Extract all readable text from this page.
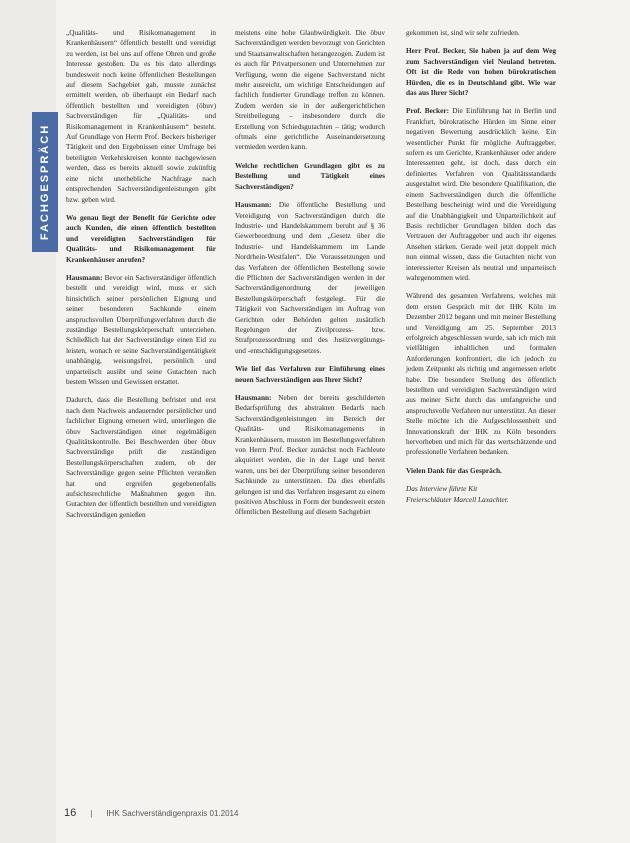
FACHGESPRÄCH

„Qualitäts- und Risikomanagement in Krankenhäusern“ öffentlich bestellt und vereidigt zu werden, ist bei uns auf offene Ohren und große Interesse gestoßen. Da es bis dato allerdings bundesweit noch keine öffentlichen Bestellungen auf diesem Sachgebiet gab, musste zunächst ermittelt werden, ob überhaupt ein Bedarf nach öffentlich bestellten und vereidigten (öbuv) Sachverständigen für „Qualitäts- und Risikomanagement in Krankenhäusern“ besteht. Auf Grundlage von Herrn Prof. Beckers bisheriger Tätigkeit und den Ergebnissen einer Umfrage bei beteiligten Verkehrskreisen konnte nachgewiesen werden, dass es bereits aktuell sowie zukünftig eine nicht unerhebliche Nachfrage nach entsprechenden Sachverständigenleistungen gibt bzw. geben wird.

Wo genau liegt der Benefit für Gerichte oder auch Kunden, die einen öffentlich bestellten und vereidigten Sachverständigen für Qualitäts- und Risikomanagement für Krankenhäuser anrufen?

Hausmann: Bevor ein Sachverständiger öffentlich bestellt und vereidigt wird, muss er sich hinsichtlich seiner persönlichen Eignung und seiner besonderen Sachkunde einem anspruchsvollen Überprüfungsverfahren durch die zuständige Bestellungskörperschaft unterziehen. Schließlich hat der Sachverständige einen Eid zu leisten, wonach er seine Sachverständigentätigkeit unabhängig, weisungsfrei, persönlich und unparteiisch ausübt und seine Gutachten nach bestem Wissen und Gewissen erstattet.

Dadurch, dass die Bestellung befristet und erst nach dem Nachweis andauernder persönlicher und fachlicher Eignung erneuert wird, unterliegen die öbuv Sachverständigen einer regelmäßigen Qualitätskontrolle. Bei Beschwerden über öbuv Sachverständige prüft die zuständigen Bestellungskörperschaften zudem, ob der Sachverständige gegen seine Pflichten verstoßen hat und ergreifen gegebenenfalls aufsichtsrechtliche Maßnahmen gegen ihn. Gutachten der öffentlich bestellten und vereidigten Sachverständigen genießen

meistens eine hohe Glaubwürdigkeit. Die öbuv Sachverständigen werden bevorzugt von Gerichten und Staatsanwaltschaften herangezogen. Zudem ist es auch für Privatpersonen und Unternehmen zur Verfügung, wenn die eigene Sachverstand nicht mehr ausreicht, um wichtige Entscheidungen auf fachlich fundierter Grundlage treffen zu können. Zudem werden sie in der außergerichtlichen Streitbeilegung – insbesondere durch die Erstellung von Schiedsgutachten – tätig; wodurch oftmals eine gerichtliche Auseinandersetzung vermieden werden kann.

Welche rechtlichen Grundlagen gibt es zu Bestellung und Tätigkeit eines Sachverständigen?

Hausmann: Die öffentliche Bestellung und Vereidigung von Sachverständigen durch die Industrie- und Handelskammern beruht auf § 36 Gewerbeordnung und dem „Gesetz über die Industrie- und Handelskammern im Lande Nordrhein-Westfalen“. Die Voraussetzungen und das Verfahren der öffentlichen Bestellung sowie die Pflichten der Sachverständigen werden in der Sachverständigenordnung der jeweiligen Bestellungskörperschaft festgelegt. Für die Tätigkeit von Sachverständigen im Auftrag von Gerichten oder Behörden gelten zusätzlich Regelungen der Zivilprozess- bzw. Strafprozessordnung und des Justizvergütungs- und -entschädigungsgesetzes.

Wie lief das Verfahren zur Einführung eines neuen Sachverständigen aus Ihrer Sicht?

Hausmann: Neben der bereits geschilderten Bedarfsprüfung des abstrakten Bedarfs nach Sachverständigenleistungen im Bereich der Qualitäts- und Risikomanagements in Krankenhäusern, mussten im Bestellungsverfahren von Herrn Prof. Becker zunächst noch Fachleute akquiriert werden, die in der Lage und bereit waren, uns bei der Überprüfung seiner besonderen Sachkunde zu unterstützen. Da dies ebenfalls gelungen ist und das Verfahren insgesamt zu einem positiven Abschluss in Form der bundesweit ersten öffentlichen Bestellung auf diesem Sachgebiet

gekommen ist, sind wir sehr zufrieden.

Herr Prof. Becker, Sie haben ja auf dem Weg zum Sachverständigen viel Neuland betreten. Oft ist die Rede von hohen bürokratischen Hürden, die es in Deutschland gibt. Wie war das aus Ihrer Sicht?

Prof. Becker: Die Einführung hat in Berlin und Frankfurt, bürokratische Hürden im Sinne einer negativen Bewertung ausdrücklich keine. Ein wesentlicher Punkt für mögliche Auftraggeber, sofern es um Gerichte, Krankenhäuser oder andere Interessenten geht, ist doch, dass durch ein definiertes Verfahren von Qualitätsstandards ausgestaltet wird. Die besondere Qualifikation, die einem Sachverständigen durch die öffentliche Bestellung bescheinigt wird und die Vereidigung auf die Unabhängigkeit und Unparteilichkeit auf Basis rechtlicher Grundlagen bilden doch das Vertrauen der Auftraggeber und auch ihr eigenes Ansehen stärken. Gerade weil jetzt doppelt mich nun einmal wissen, dass die Gutachten nicht von interessierter Kreisen als neutral und unparteiisch wahrgenommen wird.

Während des gesamten Verfahrens, welches mit dem ersten Gespräch mit der IHK Köln im Dezember 2012 begann und mit meiner Bestellung und Vereidigung am 25. September 2013 erfolgreich abgeschlossen wurde, sah ich mich mit vielfältigen inhaltlichen und formalen Anforderungen konfrontiert, die ich jedoch zu jedem Zeitpunkt als richtig und angemessen erlebt habe. Die besondere Stellung des öffentlich bestellten und vereidigten Sachverständigen wird aus meiner Sicht durch das umfangreiche und anspruchsvolle Verfahren nur unterstützt. An dieser Stelle möchte ich die Aufgeschlossenheit und Innovationskraft der IHK zu Köln besonders hervorheben und mich für das wertschätzende und professionelle Verfahren bedanken.

Vielen Dank für das Gespräch.

Das Interview führte Kit

Freierschläuter Marcell Laxachter.

16 | IHK Sachverständigenpraxis 01.2014
